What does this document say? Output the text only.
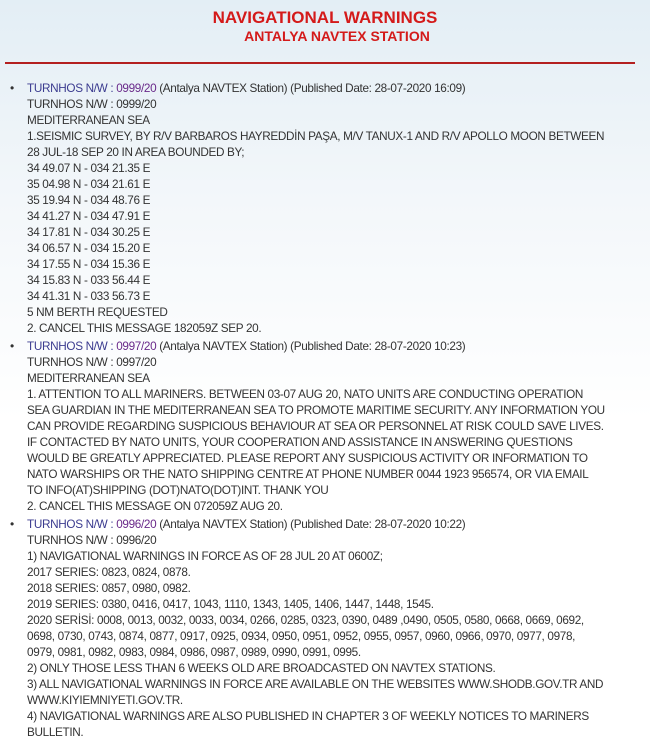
NAVIGATIONAL WARNINGS
ANTALYA NAVTEX STATION
• TURNHOS N/W : 0999/20 (Antalya NAVTEX Station) (Published Date: 28-07-2020 16:09)
TURNHOS N/W : 0999/20
MEDITERRANEAN SEA
1.SEISMIC SURVEY, BY R/V BARBAROS HAYREDDİN PAŞA, M/V TANUX-1 AND R/V APOLLO MOON BETWEEN
28 JUL-18 SEP 20 IN AREA BOUNDED BY;
34 49.07 N - 034 21.35 E
35 04.98 N - 034 21.61 E
35 19.94 N - 034 48.76 E
34 41.27 N - 034 47.91 E
34 17.81 N - 034 30.25 E
34 06.57 N - 034 15.20 E
34 17.55 N - 034 15.36 E
34 15.83 N - 033 56.44 E
34 41.31 N - 033 56.73 E
5 NM BERTH REQUESTED
2. CANCEL THIS MESSAGE 182059Z SEP 20.
• TURNHOS N/W : 0997/20 (Antalya NAVTEX Station) (Published Date: 28-07-2020 10:23)
TURNHOS N/W : 0997/20
MEDITERRANEAN SEA
1. ATTENTION TO ALL MARINERS. BETWEEN 03-07 AUG 20, NATO UNITS ARE CONDUCTING OPERATION
SEA GUARDIAN IN THE MEDITERRANEAN SEA TO PROMOTE MARITIME SECURITY. ANY INFORMATION YOU
CAN PROVIDE REGARDING SUSPICIOUS BEHAVIOUR AT SEA OR PERSONNEL AT RISK COULD SAVE LIVES.
IF CONTACTED BY NATO UNITS, YOUR COOPERATION AND ASSISTANCE IN ANSWERING QUESTIONS
WOULD BE GREATLY APPRECIATED. PLEASE REPORT ANY SUSPICIOUS ACTIVITY OR INFORMATION TO
NATO WARSHIPS OR THE NATO SHIPPING CENTRE AT PHONE NUMBER 0044 1923 956574, OR VIA EMAIL
TO INFO(AT)SHIPPING (DOT)NATO(DOT)INT. THANK YOU
2. CANCEL THIS MESSAGE ON 072059Z AUG 20.
• TURNHOS N/W : 0996/20 (Antalya NAVTEX Station) (Published Date: 28-07-2020 10:22)
TURNHOS N/W : 0996/20
1) NAVIGATIONAL WARNINGS IN FORCE AS OF 28 JUL 20 AT 0600Z;
2017 SERIES: 0823, 0824, 0878.
2018 SERIES: 0857, 0980, 0982.
2019 SERIES: 0380, 0416, 0417, 1043, 1110, 1343, 1405, 1406, 1447, 1448, 1545.
2020 SERİSİ: 0008, 0013, 0032, 0033, 0034, 0266, 0285, 0323, 0390, 0489 ,0490, 0505, 0580, 0668, 0669, 0692,
0698, 0730, 0743, 0874, 0877, 0917, 0925, 0934, 0950, 0951, 0952, 0955, 0957, 0960, 0966, 0970, 0977, 0978,
0979, 0981, 0982, 0983, 0984, 0986, 0987, 0989, 0990, 0991, 0995.
2) ONLY THOSE LESS THAN 6 WEEKS OLD ARE BROADCASTED ON NAVTEX STATIONS.
3) ALL NAVIGATIONAL WARNINGS IN FORCE ARE AVAILABLE ON THE WEBSITES WWW.SHODB.GOV.TR AND
WWW.KIYIEMNIYETI.GOV.TR.
4) NAVIGATIONAL WARNINGS ARE ALSO PUBLISHED IN CHAPTER 3 OF WEEKLY NOTICES TO MARINERS
BULLETIN.
